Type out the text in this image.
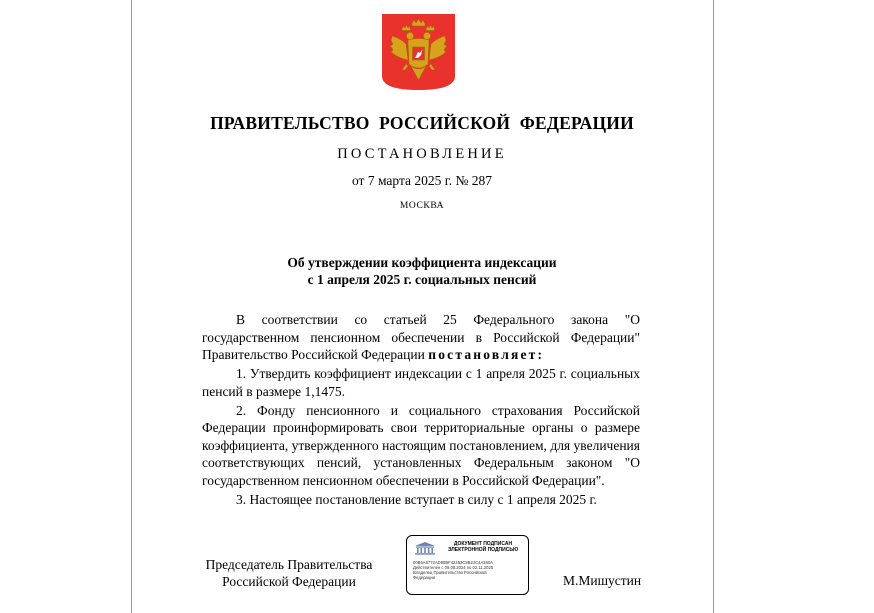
ПРАВИТЕЛЬСТВО РОССИЙСКОЙ ФЕДЕРАЦИИ
ПОСТАНОВЛЕНИЕ
от 7 марта 2025 г. № 287
МОСКВА
Об утверждении коэффициента индексации
с 1 апреля 2025 г. социальных пенсий

В соответствии со статьей 25 Федерального закона "О государственном пенсионном обеспечении в Российской Федерации" Правительство Российской Федерации постановляет:

1. Утвердить коэффициент индексации с 1 апреля 2025 г. социальных пенсий в размере 1,1475.

2. Фонду пенсионного и социального страхования Российской Федерации проинформировать свои территориальные органы о размере коэффициента, утвержденного настоящим постановлением, для увеличения соответствующих пенсий, установленных Федеральным законом "О государственном пенсионном обеспечении в Российской Федерации".

3. Настоящее постановление вступает в силу с 1 апреля 2025 г.

Председатель Правительства
Российской Федерации	М.Мишустин
ДОКУМЕНТ ПОДПИСАН
ЭЛЕКТРОННОЙ ПОДПИСЬЮ
00B5A6772AD90BF42453C8B22C4A260A
Действителен с 09.08.2024 по 02.11.2025
Владелец Правительство Российской
Федерации
